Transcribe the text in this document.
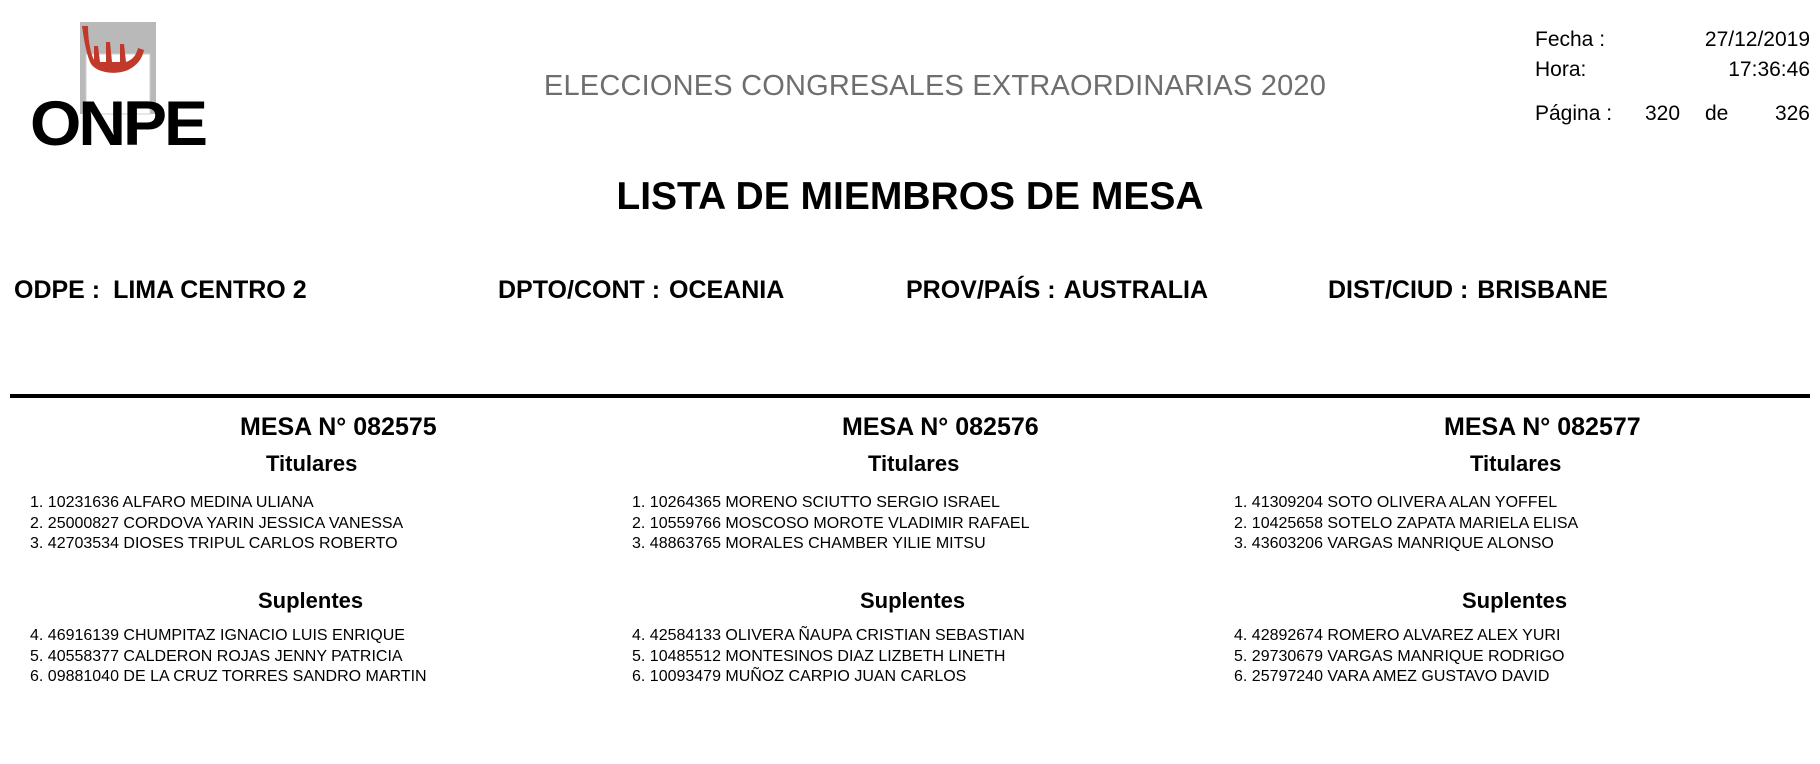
ONPE
ELECCIONES CONGRESALES EXTRAORDINARIAS 2020
Fecha :	27/12/2019
Hora:	17:36:46
Página : 320 de 326
LISTA DE MIEMBROS DE MESA
ODPE : LIMA CENTRO 2	DPTO/CONT : OCEANIA	PROV/PAÍS : AUSTRALIA	DIST/CIUD : BRISBANE
MESA N° 082575
Titulares
1. 10231636 ALFARO MEDINA ULIANA
2. 25000827 CORDOVA YARIN JESSICA VANESSA
3. 42703534 DIOSES TRIPUL CARLOS ROBERTO
Suplentes
4. 46916139 CHUMPITAZ IGNACIO LUIS ENRIQUE
5. 40558377 CALDERON ROJAS JENNY PATRICIA
6. 09881040 DE LA CRUZ TORRES SANDRO MARTIN
MESA N° 082576
Titulares
1. 10264365 MORENO SCIUTTO SERGIO ISRAEL
2. 10559766 MOSCOSO MOROTE VLADIMIR RAFAEL
3. 48863765 MORALES CHAMBER YILIE MITSU
Suplentes
4. 42584133 OLIVERA ÑAUPA CRISTIAN SEBASTIAN
5. 10485512 MONTESINOS DIAZ LIZBETH LINETH
6. 10093479 MUÑOZ CARPIO JUAN CARLOS
MESA N° 082577
Titulares
1. 41309204 SOTO OLIVERA ALAN YOFFEL
2. 10425658 SOTELO ZAPATA MARIELA ELISA
3. 43603206 VARGAS MANRIQUE ALONSO
Suplentes
4. 42892674 ROMERO ALVAREZ ALEX YURI
5. 29730679 VARGAS MANRIQUE RODRIGO
6. 25797240 VARA AMEZ GUSTAVO DAVID
